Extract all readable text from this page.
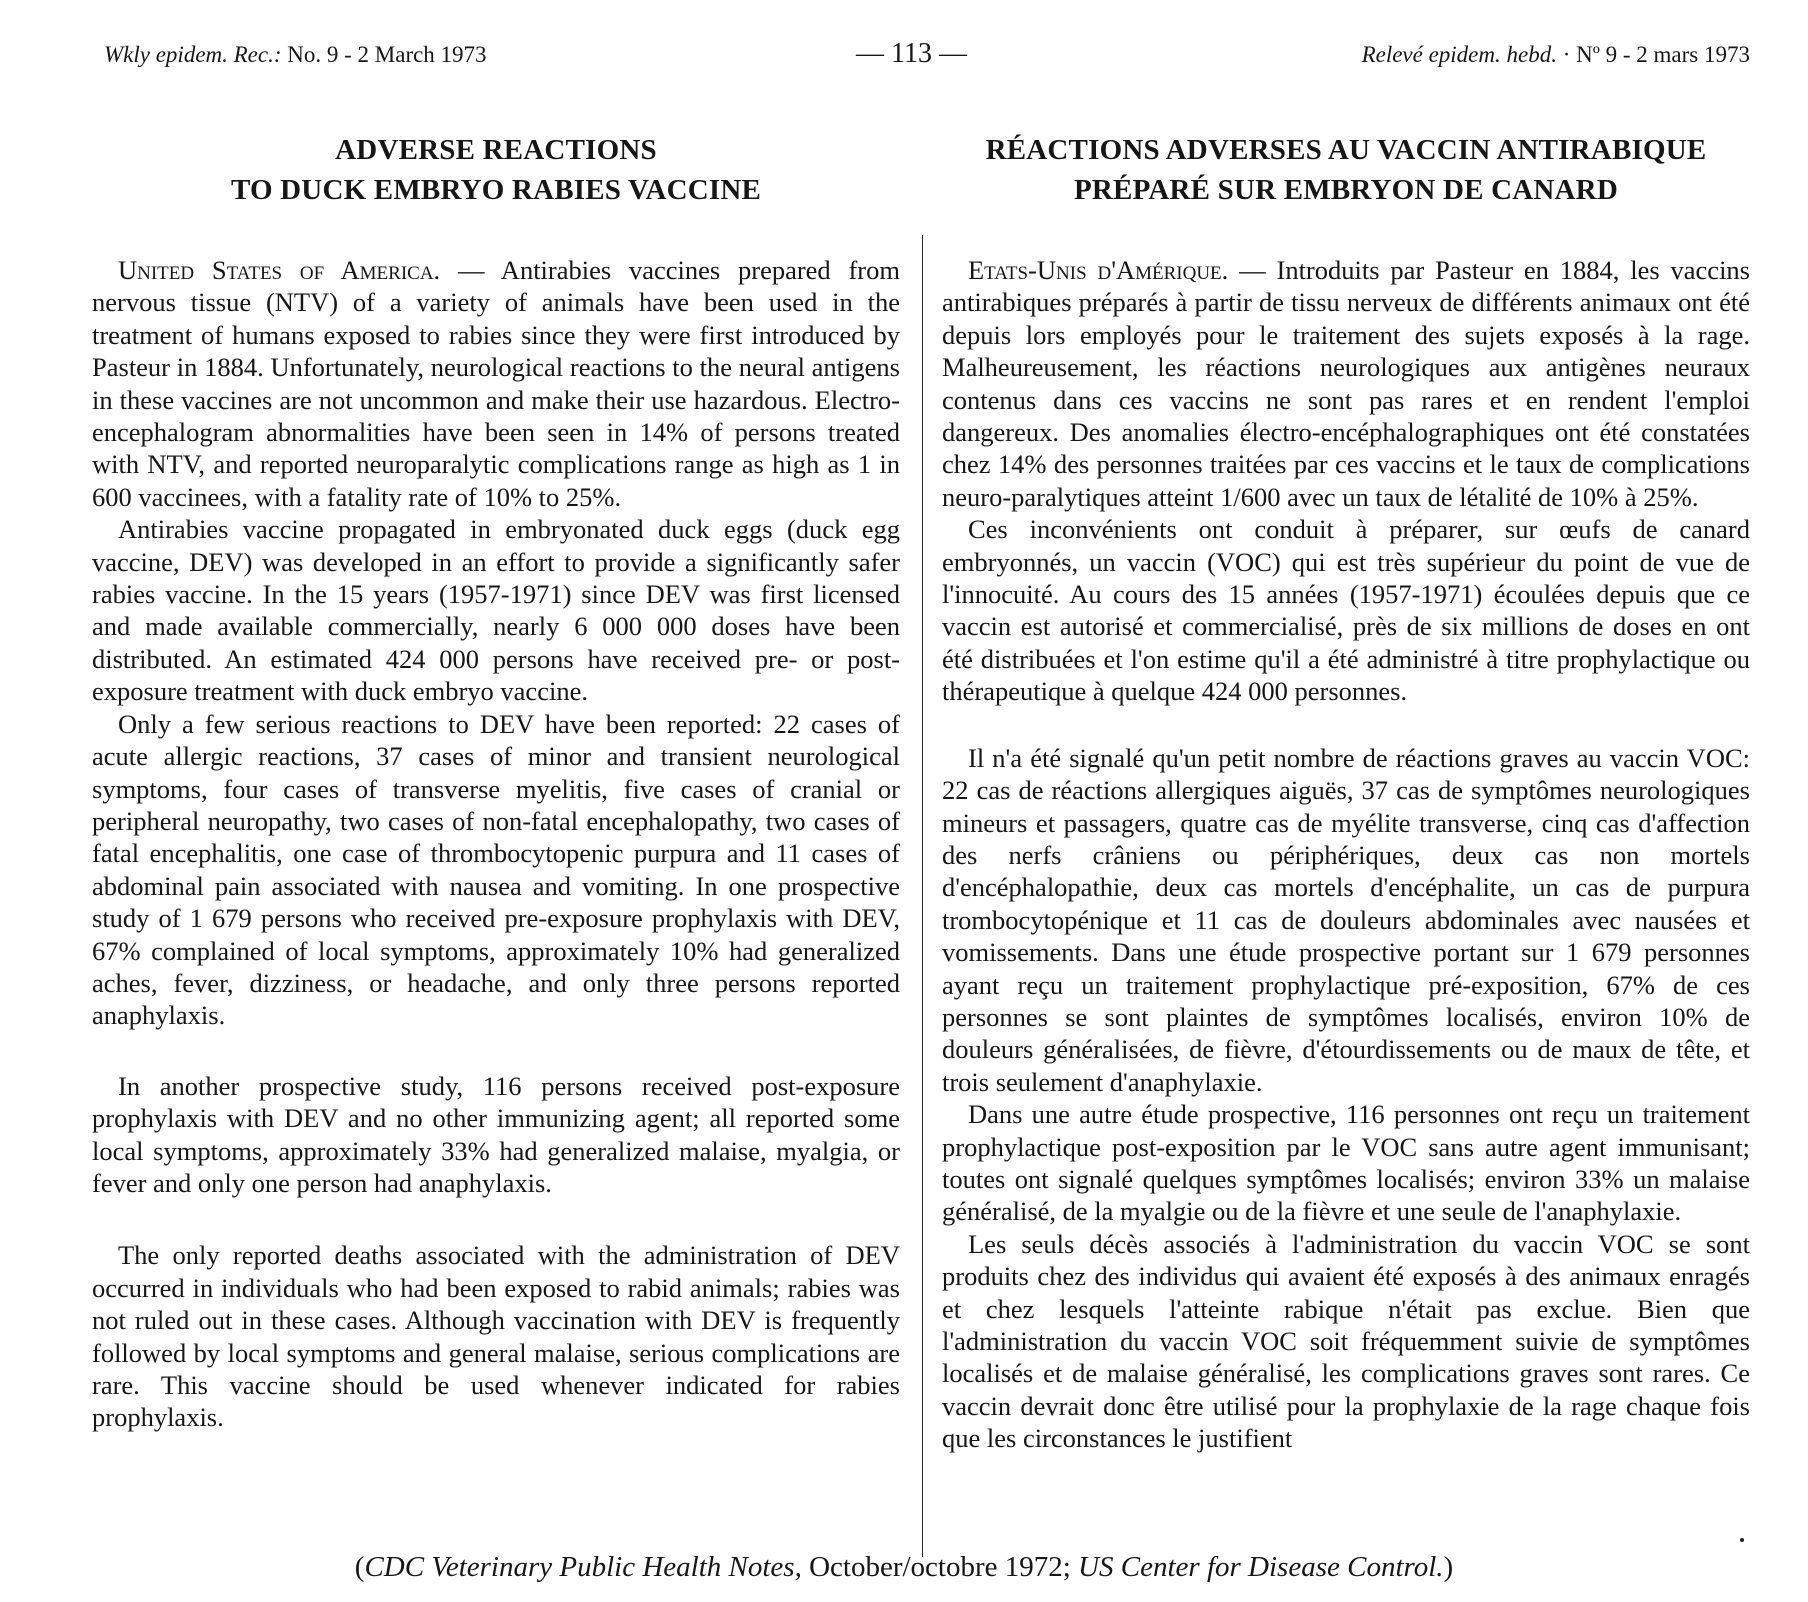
Wkly epidem. Rec.: No. 9 - 2 March 1973	— 113 —	Relevé epidem. hebd. · Nº 9 - 2 mars 1973
ADVERSE REACTIONS
TO DUCK EMBRYO RABIES VACCINE

United States of America. — Antirabies vaccines prepared from nervous tissue (NTV) of a variety of animals have been used in the treatment of humans exposed to rabies since they were first introduced by Pasteur in 1884. Unfortunately, neurological reactions to the neural antigens in these vaccines are not uncommon and make their use hazardous. Electro-encephalogram abnormalities have been seen in 14% of persons treated with NTV, and reported neuroparalytic complications range as high as 1 in 600 vaccinees, with a fatality rate of 10% to 25%.

Antirabies vaccine propagated in embryonated duck eggs (duck egg vaccine, DEV) was developed in an effort to provide a significantly safer rabies vaccine. In the 15 years (1957-1971) since DEV was first licensed and made available commercially, nearly 6 000 000 doses have been distributed. An estimated 424 000 persons have received pre- or post-exposure treatment with duck embryo vaccine.

Only a few serious reactions to DEV have been reported: 22 cases of acute allergic reactions, 37 cases of minor and transient neurological symptoms, four cases of transverse myelitis, five cases of cranial or peripheral neuropathy, two cases of non-fatal encephalopathy, two cases of fatal encephalitis, one case of thrombocytopenic purpura and 11 cases of abdominal pain associated with nausea and vomiting. In one prospective study of 1 679 persons who received pre-exposure prophylaxis with DEV, 67% complained of local symptoms, approximately 10% had generalized aches, fever, dizziness, or headache, and only three persons reported anaphylaxis.

In another prospective study, 116 persons received post-exposure prophylaxis with DEV and no other immunizing agent; all reported some local symptoms, approximately 33% had generalized malaise, myalgia, or fever and only one person had anaphylaxis.

The only reported deaths associated with the administration of DEV occurred in individuals who had been exposed to rabid animals; rabies was not ruled out in these cases. Although vaccination with DEV is frequently followed by local symptoms and general malaise, serious complications are rare. This vaccine should be used whenever indicated for rabies prophylaxis.

RÉACTIONS ADVERSES AU VACCIN ANTIRABIQUE
PRÉPARÉ SUR EMBRYON DE CANARD

Etats-Unis d'Amérique. — Introduits par Pasteur en 1884, les vaccins antirabiques préparés à partir de tissu nerveux de différents animaux ont été depuis lors employés pour le traitement des sujets exposés à la rage. Malheureusement, les réactions neurologiques aux antigènes neuraux contenus dans ces vaccins ne sont pas rares et en rendent l'emploi dangereux. Des anomalies électro-encéphalographiques ont été constatées chez 14% des personnes traitées par ces vaccins et le taux de complications neuro-paralytiques atteint 1/600 avec un taux de létalité de 10% à 25%.

Ces inconvénients ont conduit à préparer, sur œufs de canard embryonnés, un vaccin (VOC) qui est très supérieur du point de vue de l'innocuité. Au cours des 15 années (1957-1971) écoulées depuis que ce vaccin est autorisé et commercialisé, près de six millions de doses en ont été distribuées et l'on estime qu'il a été administré à titre prophylactique ou thérapeutique à quelque 424 000 personnes.

Il n'a été signalé qu'un petit nombre de réactions graves au vaccin VOC: 22 cas de réactions allergiques aiguës, 37 cas de symptômes neurologiques mineurs et passagers, quatre cas de myélite transverse, cinq cas d'affection des nerfs crâniens ou périphériques, deux cas non mortels d'encéphalopathie, deux cas mortels d'encéphalite, un cas de purpura trombocytopénique et 11 cas de douleurs abdominales avec nausées et vomissements. Dans une étude prospective portant sur 1 679 personnes ayant reçu un traitement prophylactique pré-exposition, 67% de ces personnes se sont plaintes de symptômes localisés, environ 10% de douleurs généralisées, de fièvre, d'étourdissements ou de maux de tête, et trois seulement d'anaphylaxie.

Dans une autre étude prospective, 116 personnes ont reçu un traitement prophylactique post-exposition par le VOC sans autre agent immunisant; toutes ont signalé quelques symptômes localisés; environ 33% un malaise généralisé, de la myalgie ou de la fièvre et une seule de l'anaphylaxie.

Les seuls décès associés à l'administration du vaccin VOC se sont produits chez des individus qui avaient été exposés à des animaux enragés et chez lesquels l'atteinte rabique n'était pas exclue. Bien que l'administration du vaccin VOC soit fréquemment suivie de symptômes localisés et de malaise généralisé, les complications graves sont rares. Ce vaccin devrait donc être utilisé pour la prophylaxie de la rage chaque fois que les circonstances le justifient

(CDC Veterinary Public Health Notes, October/octobre 1972; US Center for Disease Control.)
